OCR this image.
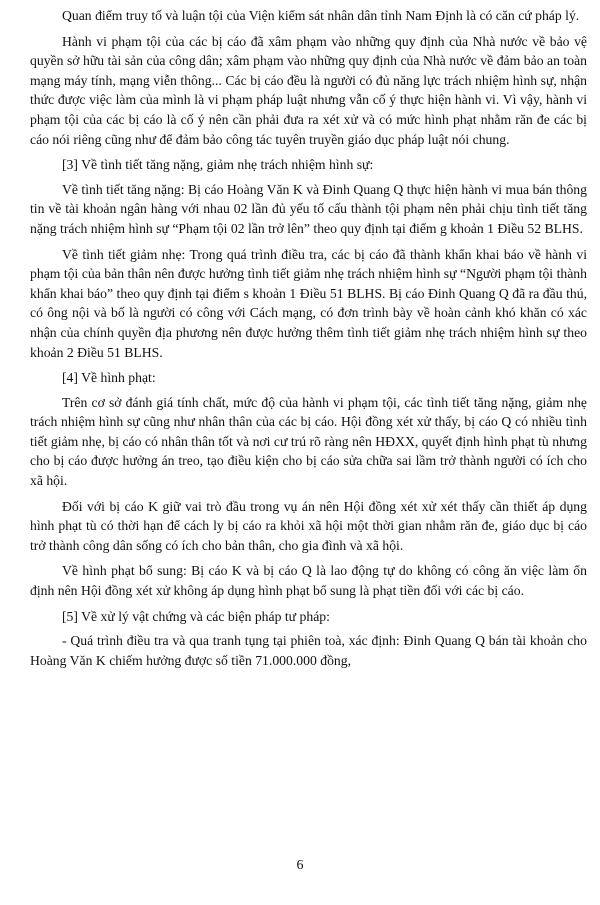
Quan điểm truy tố và luận tội của Viện kiểm sát nhân dân tỉnh Nam Định là có căn cứ pháp lý.

Hành vi phạm tội của các bị cáo đã xâm phạm vào những quy định của Nhà nước về bảo vệ quyền sở hữu tài sản của công dân; xâm phạm vào những quy định của Nhà nước về đảm bảo an toàn mạng máy tính, mạng viễn thông... Các bị cáo đều là người có đủ năng lực trách nhiệm hình sự, nhận thức được việc làm của mình là vi phạm pháp luật nhưng vẫn cố ý thực hiện hành vi. Vì vậy, hành vi phạm tội của các bị cáo là cố ý nên cần phải đưa ra xét xử và có mức hình phạt nhằm răn đe các bị cáo nói riêng cũng như để đảm bảo công tác tuyên truyền giáo dục pháp luật nói chung.

[3] Về tình tiết tăng nặng, giảm nhẹ trách nhiệm hình sự:

Về tình tiết tăng nặng: Bị cáo Hoàng Văn K và Đinh Quang Q thực hiện hành vi mua bán thông tin về tài khoản ngân hàng với nhau 02 lần đủ yếu tố cấu thành tội phạm nên phải chịu tình tiết tăng nặng trách nhiệm hình sự “Phạm tội 02 lần trở lên” theo quy định tại điểm g khoản 1 Điều 52 BLHS.

Về tình tiết giảm nhẹ: Trong quá trình điều tra, các bị cáo đã thành khẩn khai báo về hành vi phạm tội của bản thân nên được hưởng tình tiết giảm nhẹ trách nhiệm hình sự “Người phạm tội thành khẩn khai báo” theo quy định tại điểm s khoản 1 Điều 51 BLHS. Bị cáo Đinh Quang Q đã ra đầu thú, có ông nội và bố là người có công với Cách mạng, có đơn trình bày về hoàn cảnh khó khăn có xác nhận của chính quyền địa phương nên được hưởng thêm tình tiết giảm nhẹ trách nhiệm hình sự theo khoản 2 Điều 51 BLHS.

[4] Về hình phạt:

Trên cơ sở đánh giá tính chất, mức độ của hành vi phạm tội, các tình tiết tăng nặng, giảm nhẹ trách nhiệm hình sự cũng như nhân thân của các bị cáo. Hội đồng xét xử thấy, bị cáo Q có nhiều tình tiết giảm nhẹ, bị cáo có nhân thân tốt và nơi cư trú rõ ràng nên HĐXX, quyết định hình phạt tù nhưng cho bị cáo được hưởng án treo, tạo điều kiện cho bị cáo sửa chữa sai lầm trở thành người có ích cho xã hội.

Đối với bị cáo K giữ vai trò đầu trong vụ án nên Hội đồng xét xử xét thấy cần thiết áp dụng hình phạt tù có thời hạn để cách ly bị cáo ra khỏi xã hội một thời gian nhằm răn đe, giáo dục bị cáo trở thành công dân sống có ích cho bản thân, cho gia đình và xã hội.

Về hình phạt bổ sung: Bị cáo K và bị cáo Q là lao động tự do không có công ăn việc làm ổn định nên Hội đồng xét xử không áp dụng hình phạt bổ sung là phạt tiền đối với các bị cáo.

[5] Về xử lý vật chứng và các biện pháp tư pháp:

- Quá trình điều tra và qua tranh tụng tại phiên toà, xác định: Đinh Quang Q bán tài khoản cho Hoàng Văn K chiếm hưởng được số tiền 71.000.000 đồng,

6
